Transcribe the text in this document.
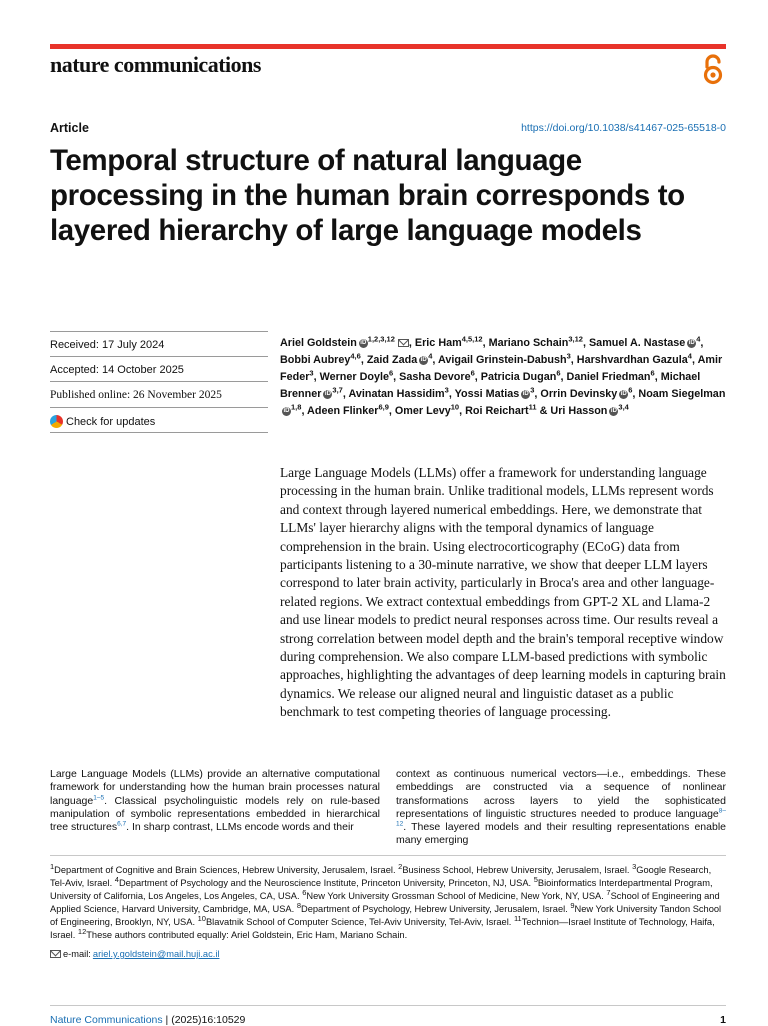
nature communications
Article	https://doi.org/10.1038/s41467-025-65518-0
Temporal structure of natural language processing in the human brain corresponds to layered hierarchy of large language models
Received: 17 July 2024
Accepted: 14 October 2025
Published online: 26 November 2025
Check for updates
Ariel Goldstein iD $^{1,2,3,12}$ , Eric Ham$^{4,5,12}$, Mariano Schain$^{3,12}$, Samuel A. Nastase iD $^4$, Bobbi Aubrey$^{4,6}$, Zaid Zada iD $^4$, Avigail Grinstein-Dabush$^3$, Harshvardhan Gazula$^4$, Amir Feder$^3$, Werner Doyle$^6$, Sasha Devore$^6$, Patricia Dugan$^6$, Daniel Friedman$^6$, Michael Brenner iD $^{3,7}$, Avinatan Hassidim$^3$, Yossi Matias iD $^3$, Orrin Devinsky iD $^6$, Noam SiegelmaniD $^{1,8}$, Adeen Flinker$^{6,9}$, Omer Levy$^{10}$, Roi Reichart$^{11}$ & Uri Hasson iD $^{3,4}$
Large Language Models (LLMs) offer a framework for understanding language processing in the human brain. Unlike traditional models, LLMs represent words and context through layered numerical embeddings. Here, we demonstrate that LLMs' layer hierarchy aligns with the temporal dynamics of language comprehension in the brain. Using electrocorticography (ECoG) data from participants listening to a 30-minute narrative, we show that deeper LLM layers correspond to later brain activity, particularly in Broca's area and other language-related regions. We extract contextual embeddings from GPT-2 XL and Llama-2 and use linear models to predict neural responses across time. Our results reveal a strong correlation between model depth and the brain's temporal receptive window during comprehension. We also compare LLM-based predictions with symbolic approaches, highlighting the advantages of deep learning models in capturing brain dynamics. We release our aligned neural and linguistic dataset as a public benchmark to test competing theories of language processing.
Large Language Models (LLMs) provide an alternative computational framework for understanding how the human brain processes natural language$^{1-5}$. Classical psycholinguistic models rely on rule-based manipulation of symbolic representations embedded in hierarchical tree structures$^{6,7}$. In sharp contrast, LLMs encode words and their
context as continuous numerical vectors—i.e., embeddings. These embeddings are constructed via a sequence of nonlinear transformations across layers to yield the sophisticated representations of linguistic structures needed to produce language$^{8-12}$. These layered models and their resulting representations enable many emerging
$^1$Department of Cognitive and Brain Sciences, Hebrew University, Jerusalem, Israel. $^2$Business School, Hebrew University, Jerusalem, Israel. $^3$Google Research, Tel-Aviv, Israel. $^4$Department of Psychology and the Neuroscience Institute, Princeton University, Princeton, NJ, USA. $^5$Bioinformatics Interdepartmental Program, University of California, Los Angeles, Los Angeles, CA, USA. $^6$New York University Grossman School of Medicine, New York, NY, USA. $^7$School of Engineering and Applied Science, Harvard University, Cambridge, MA, USA. $^8$Department of Psychology, Hebrew University, Jerusalem, Israel. $^9$New York University Tandon School of Engineering, Brooklyn, NY, USA. $^{10}$Blavatnik School of Computer Science, Tel-Aviv University, Tel-Aviv, Israel. $^{11}$Technion—Israel Institute of Technology, Haifa, Israel. $^{12}$These authors contributed equally: Ariel Goldstein, Eric Ham, Mariano Schain.
e-mail: ariel.y.goldstein@mail.huji.ac.il
Nature Communications | (2025)16:10529	1
